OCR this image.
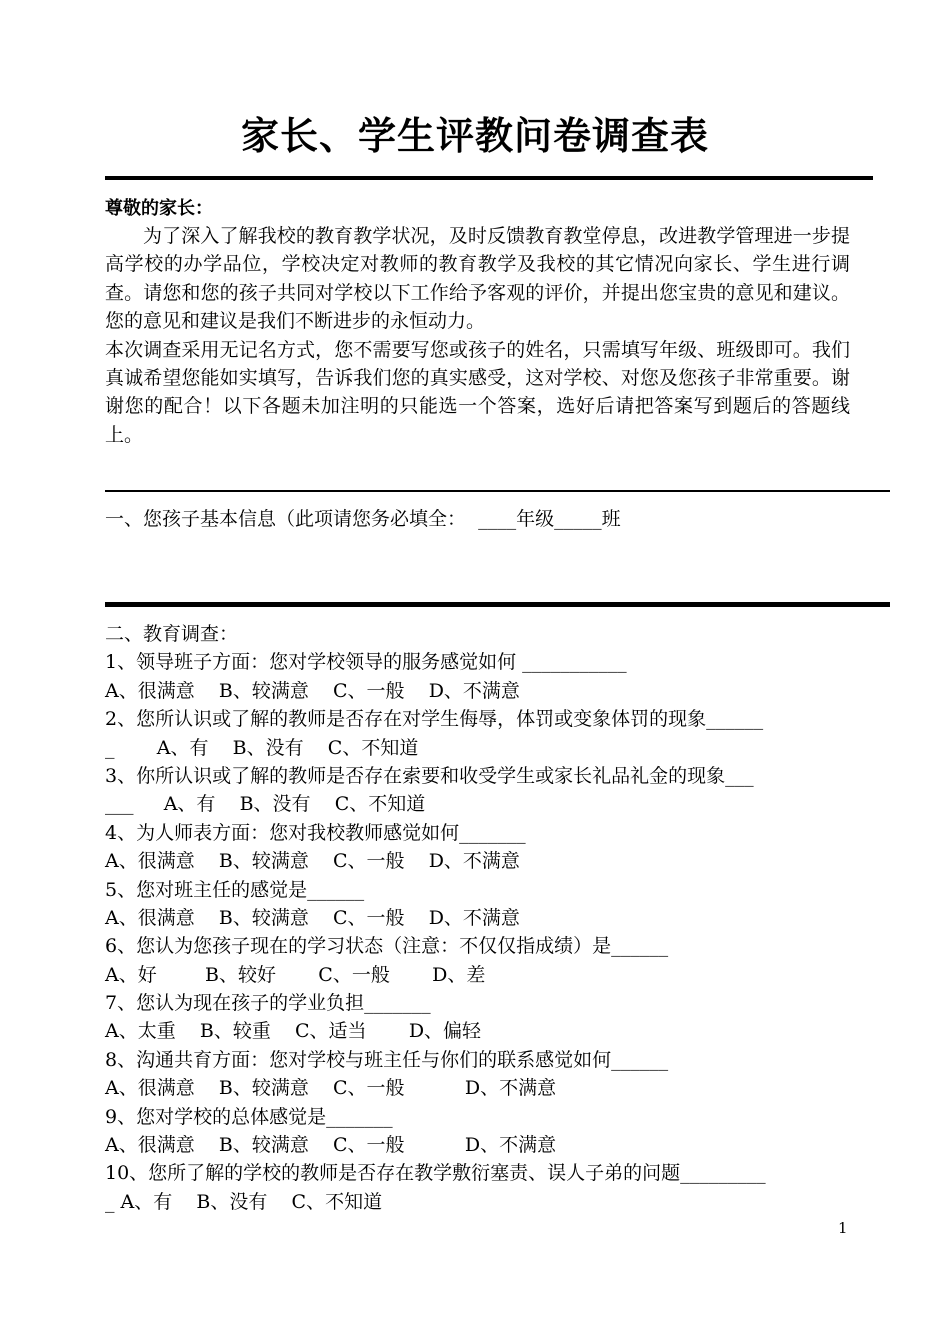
家长、学生评教问卷调查表
尊敬的家长：

为了深入了解我校的教育教学状况，及时反馈教育教堂停息，改进教学管理进一步提高学校的办学品位，学校决定对教师的教育教学及我校的其它情况向家长、学生进行调查。请您和您的孩子共同对学校以下工作给予客观的评价，并提出您宝贵的意见和建议。您的意见和建议是我们不断进步的永恒动力。

本次调查采用无记名方式，您不需要写您或孩子的姓名，只需填写年级、班级即可。我们真诚希望您能如实填写，告诉我们您的真实感受，这对学校、对您及您孩子非常重要。谢谢您的配合！以下各题未加注明的只能选一个答案，选好后请把答案写到题后的答题线上。

一、您孩子基本信息（此项请您务必填全：  ____年级_____班
二、教育调查：
1、领导班子方面：您对学校领导的服务感觉如何 ___________
A、很满意    B、较满意    C、一般    D、不满意
2、您所认识或了解的教师是否存在对学生侮辱，体罚或变象体罚的现象______
_       A、有    B、没有    C、不知道
3、你所认识或了解的教师是否存在索要和收受学生或家长礼品礼金的现象___
___     A、有    B、没有    C、不知道
4、为人师表方面：您对我校教师感觉如何_______
A、很满意    B、较满意    C、一般    D、不满意
5、您对班主任的感觉是______
A、很满意    B、较满意    C、一般    D、不满意
6、您认为您孩子现在的学习状态（注意：不仅仅指成绩）是______
A、好        B、较好       C、一般       D、差
7、您认为现在孩子的学业负担_______
A、太重    B、较重    C、适当       D、偏轻
8、沟通共育方面：您对学校与班主任与你们的联系感觉如何______
A、很满意    B、较满意    C、一般          D、不满意
9、您对学校的总体感觉是_______
A、很满意    B、较满意    C、一般          D、不满意
10、您所了解的学校的教师是否存在教学敷衍塞责、误人子弟的问题_________
_ A、有    B、没有    C、不知道
1
